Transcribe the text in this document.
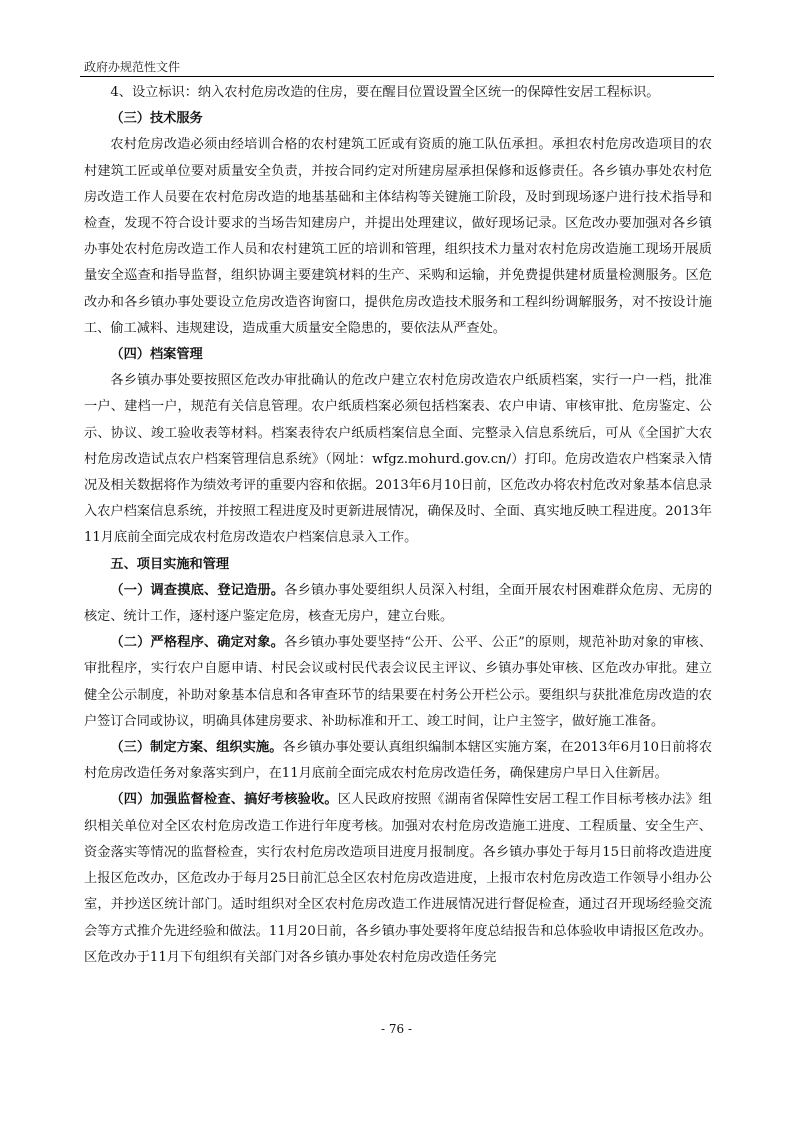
政府办规范性文件

4、设立标识：纳入农村危房改造的住房，要在醒目位置设置全区统一的保障性安居工程标识。

（三）技术服务

农村危房改造必须由经培训合格的农村建筑工匠或有资质的施工队伍承担。承担农村危房改造项目的农村建筑工匠或单位要对质量安全负责，并按合同约定对所建房屋承担保修和返修责任。各乡镇办事处农村危房改造工作人员要在农村危房改造的地基基础和主体结构等关键施工阶段，及时到现场逐户进行技术指导和检查，发现不符合设计要求的当场告知建房户，并提出处理建议，做好现场记录。区危改办要加强对各乡镇办事处农村危房改造工作人员和农村建筑工匠的培训和管理，组织技术力量对农村危房改造施工现场开展质量安全巡查和指导监督，组织协调主要建筑材料的生产、采购和运输，并免费提供建材质量检测服务。区危改办和各乡镇办事处要设立危房改造咨询窗口，提供危房改造技术服务和工程纠纷调解服务，对不按设计施工、偷工减料、违规建设，造成重大质量安全隐患的，要依法从严查处。

（四）档案管理

各乡镇办事处要按照区危改办审批确认的危改户建立农村危房改造农户纸质档案，实行一户一档，批准一户、建档一户，规范有关信息管理。农户纸质档案必须包括档案表、农户申请、审核审批、危房鉴定、公示、协议、竣工验收表等材料。档案表待农户纸质档案信息全面、完整录入信息系统后，可从《全国扩大农村危房改造试点农户档案管理信息系统》（网址：wfgz.mohurd.gov.cn/）打印。危房改造农户档案录入情况及相关数据将作为绩效考评的重要内容和依据。2013年6月10日前，区危改办将农村危改对象基本信息录入农户档案信息系统，并按照工程进度及时更新进展情况，确保及时、全面、真实地反映工程进度。2013年11月底前全面完成农村危房改造农户档案信息录入工作。

五、项目实施和管理

（一）调查摸底、登记造册。各乡镇办事处要组织人员深入村组，全面开展农村困难群众危房、无房的核定、统计工作，逐村逐户鉴定危房，核查无房户，建立台账。

（二）严格程序、确定对象。各乡镇办事处要坚持“公开、公平、公正”的原则，规范补助对象的审核、审批程序，实行农户自愿申请、村民会议或村民代表会议民主评议、乡镇办事处审核、区危改办审批。建立健全公示制度，补助对象基本信息和各审查环节的结果要在村务公开栏公示。要组织与获批准危房改造的农户签订合同或协议，明确具体建房要求、补助标准和开工、竣工时间，让户主签字，做好施工准备。

（三）制定方案、组织实施。各乡镇办事处要认真组织编制本辖区实施方案，在2013年6月10日前将农村危房改造任务对象落实到户，在11月底前全面完成农村危房改造任务，确保建房户早日入住新居。

（四）加强监督检查、搞好考核验收。区人民政府按照《湖南省保障性安居工程工作目标考核办法》组织相关单位对全区农村危房改造工作进行年度考核。加强对农村危房改造施工进度、工程质量、安全生产、资金落实等情况的监督检查，实行农村危房改造项目进度月报制度。各乡镇办事处于每月15日前将改造进度上报区危改办，区危改办于每月25日前汇总全区农村危房改造进度，上报市农村危房改造工作领导小组办公室，并抄送区统计部门。适时组织对全区农村危房改造工作进展情况进行督促检查，通过召开现场经验交流会等方式推介先进经验和做法。11月20日前，各乡镇办事处要将年度总结报告和总体验收申请报区危改办。区危改办于11月下旬组织有关部门对各乡镇办事处农村危房改造任务完

- 76 -
